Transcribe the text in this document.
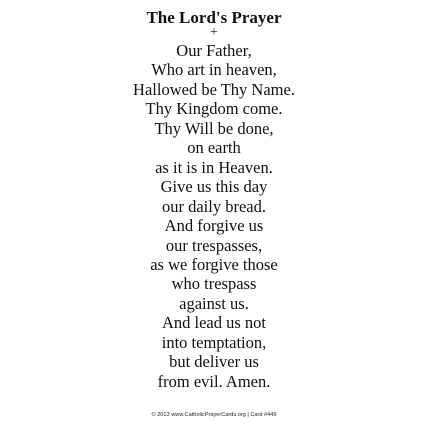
The Lord's Prayer
+
Our Father,
Who art in heaven,
Hallowed be Thy Name.
Thy Kingdom come.
Thy Will be done,
on earth
as it is in Heaven.
Give us this day
our daily bread.
And forgive us
our trespasses,
as we forgive those
who trespass
against us.
And lead us not
into temptation,
but deliver us
from evil. Amen.
© 2013 www.CatholicPrayerCards.org | Card #449
